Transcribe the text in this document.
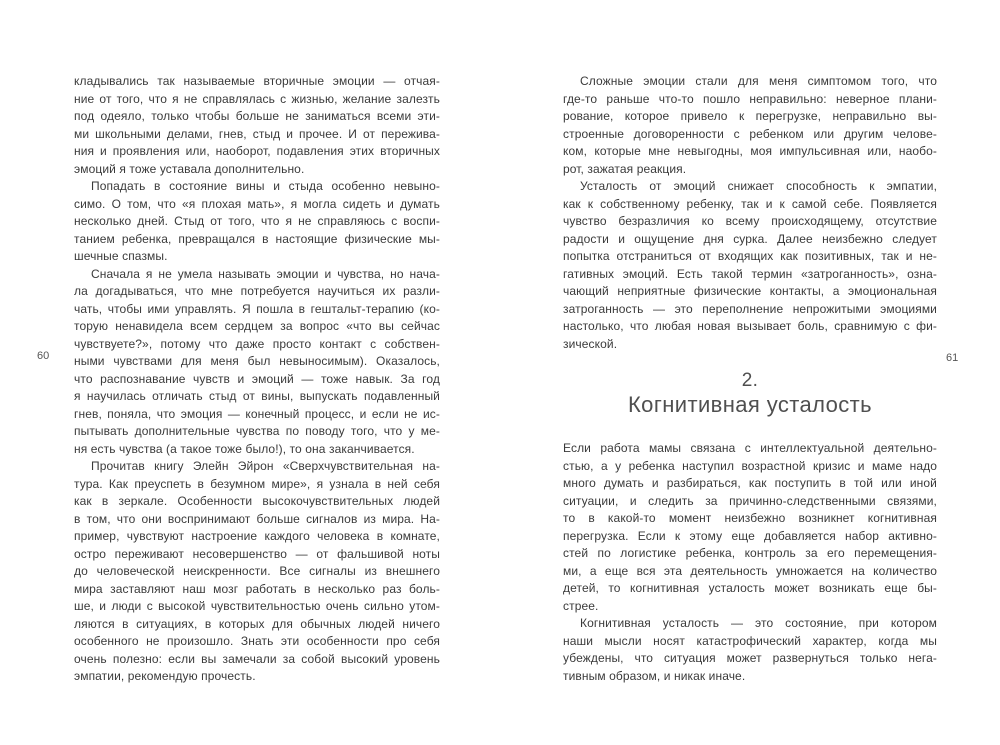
60
кладывались так называемые вторичные эмоции — отчая-
ние от того, что я не справлялась с жизнью, желание залезть
под одеяло, только чтобы больше не заниматься всеми эти-
ми школьными делами, гнев, стыд и прочее. И от пережива-
ния и проявления или, наоборот, подавления этих вторичных
эмоций я тоже уставала дополнительно.
Попадать в состояние вины и стыда особенно невыно-
симо. О том, что «я плохая мать», я могла сидеть и думать
несколько дней. Стыд от того, что я не справляюсь с воспи-
танием ребенка, превращался в настоящие физические мы-
шечные спазмы.
Сначала я не умела называть эмоции и чувства, но нача-
ла догадываться, что мне потребуется научиться их разли-
чать, чтобы ими управлять. Я пошла в гештальт-терапию (ко-
торую ненавидела всем сердцем за вопрос «что вы сейчас
чувствуете?», потому что даже просто контакт с собствен-
ными чувствами для меня был невыносимым). Оказалось,
что распознавание чувств и эмоций — тоже навык. За год
я научилась отличать стыд от вины, выпускать подавленный
гнев, поняла, что эмоция — конечный процесс, и если не ис-
пытывать дополнительные чувства по поводу того, что у ме-
ня есть чувства (а такое тоже было!), то она заканчивается.
Прочитав книгу Элейн Эйрон «Сверхчувствительная на-
тура. Как преуспеть в безумном мире», я узнала в ней себя
как в зеркале. Особенности высокочувствительных людей
в том, что они воспринимают больше сигналов из мира. На-
пример, чувствуют настроение каждого человека в комнате,
остро переживают несовершенство — от фальшивой ноты
до человеческой неискренности. Все сигналы из внешнего
мира заставляют наш мозг работать в несколько раз боль-
ше, и люди с высокой чувствительностью очень сильно утом-
ляются в ситуациях, в которых для обычных людей ничего
особенного не произошло. Знать эти особенности про себя
очень полезно: если вы замечали за собой высокий уровень
эмпатии, рекомендую прочесть.
Сложные эмоции стали для меня симптомом того, что
где-то раньше что-то пошло неправильно: неверное плани-
рование, которое привело к перегрузке, неправильно вы-
строенные договоренности с ребенком или другим челове-
ком, которые мне невыгодны, моя импульсивная или, наобо-
рот, зажатая реакция.
Усталость от эмоций снижает способность к эмпатии,
как к собственному ребенку, так и к самой себе. Появляется
чувство безразличия ко всему происходящему, отсутствие
радости и ощущение дня сурка. Далее неизбежно следует
попытка отстраниться от входящих как позитивных, так и не-
гативных эмоций. Есть такой термин «затроганность», озна-
чающий неприятные физические контакты, а эмоциональная
затроганность — это переполнение непрожитыми эмоциями
настолько, что любая новая вызывает боль, сравнимую с фи-
зической.
2.
Когнитивная усталость
Если работа мамы связана с интеллектуальной деятельно-
стью, а у ребенка наступил возрастной кризис и маме надо
много думать и разбираться, как поступить в той или иной
ситуации, и следить за причинно-следственными связями,
то в какой-то момент неизбежно возникнет когнитивная
перегрузка. Если к этому еще добавляется набор активно-
стей по логистике ребенка, контроль за его перемещения-
ми, а еще вся эта деятельность умножается на количество
детей, то когнитивная усталость может возникать еще бы-
стрее.
Когнитивная усталость — это состояние, при котором
наши мысли носят катастрофический характер, когда мы
убеждены, что ситуация может развернуться только нега-
тивным образом, и никак иначе.
61
